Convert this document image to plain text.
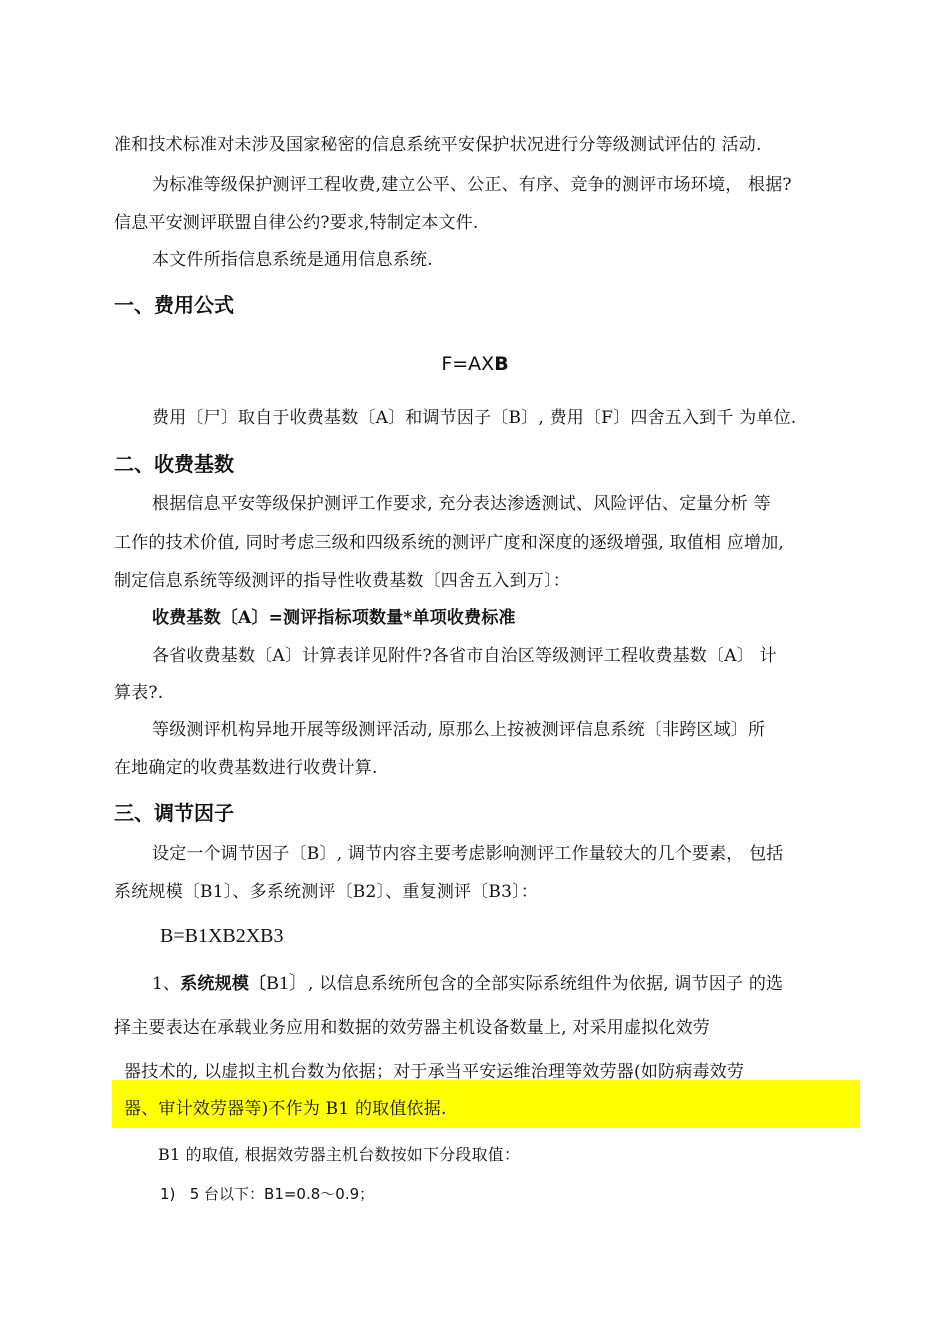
准和技术标准对未涉及国家秘密的信息系统平安保护状况进行分等级测试评估的 活动.
为标准等级保护测评工程收费,建立公平、公正、有序、竞争的测评市场环境， 根据?
信息平安测评联盟自律公约?要求,特制定本文件.
本文件所指信息系统是通用信息系统.
一、费用公式
F=AXB
费用〔尸〕取自于收费基数〔A〕和调节因子〔B〕, 费用〔F〕四舍五入到千 为单位.
二、收费基数
根据信息平安等级保护测评工作要求, 充分表达渗透测试、风险评估、定量分析 等
工作的技术价值, 同时考虑三级和四级系统的测评广度和深度的逐级增强, 取值相 应增加,
制定信息系统等级测评的指导性收费基数〔四舍五入到万〕：
收费基数〔A〕=测评指标项数量*单项收费标准
各省收费基数〔A〕计算表详见附件?各省市自治区等级测评工程收费基数〔A〕 计
算表?.
等级测评机构异地开展等级测评活动, 原那么上按被测评信息系统〔非跨区域〕所
在地确定的收费基数进行收费计算.
三、调节因子
设定一个调节因子〔B〕, 调节内容主要考虑影响测评工作量较大的几个要素， 包括
系统规模〔B1〕、多系统测评〔B2〕、重复测评〔B3〕：
B=B1XB2XB3
1、系统规模〔B1〕, 以信息系统所包含的全部实际系统组件为依据, 调节因子 的选
择主要表达在承载业务应用和数据的效劳器主机设备数量上, 对采用虚拟化效劳
器技术的, 以虚拟主机台数为依据；对于承当平安运维治理等效劳器(如防病毒效劳
器、审计效劳器等)不作为 B1 的取值依据.
B1 的取值, 根据效劳器主机台数按如下分段取值：
1) 5 台以下：B1=0.8〜0.9；
